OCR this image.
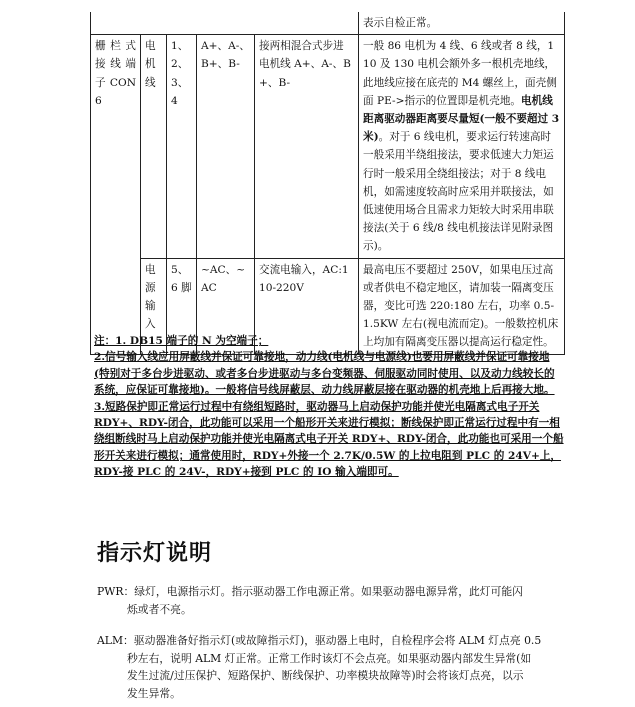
					表示自检正常。
栅栏式接线端子CON6	电机线	1、2、3、4	A+、A-、B+、B-	接两相混合式步进电机线 A+、A-、B+、B-	一般 86 电机为 4 线、6 线或者 8 线，110 及 130 电机会额外多一根机壳地线，此地线应接在底壳的 M4 螺丝上，面壳侧面 PE->指示的位置即是机壳地。电机线距离驱动器距离要尽量短(一般不要超过 3 米)。对于 6 线电机，要求运行转速高时一般采用半绕组接法，要求低速大力矩运行时一般采用全绕组接法；对于 8 线电机，如需速度较高时应采用并联接法，如低速使用场合且需求力矩较大时采用串联接法(关于 6 线/8 线电机接法详见附录图示)。
	电源输入	5、6 脚	~AC、~AC	交流电输入，AC:110-220V	最高电压不要超过 250V，如果电压过高或者供电不稳定地区，请加装一隔离变压器，变比可选 220:180 左右，功率 0.5-1.5KW 左右(视电流而定)。一般数控机床上均加有隔离变压器以提高运行稳定性。

注：1. DB15 端子的 N 为空端子；

2.信号输入线应用屏蔽线并保证可靠接地，动力线(电机线与电源线)也要用屏蔽线并保证可靠接地(特别对于多台步进驱动、或者多台步进驱动与多台变频器、伺服驱动同时使用、以及动力线较长的系统，应保证可靠接地)。一般将信号线屏蔽层、动力线屏蔽层接在驱动器的机壳地上后再接大地。

3.短路保护即正常运行过程中有绕组短路时，驱动器马上启动保护功能并使光电隔离式电子开关 RDY+、RDY-闭合，此功能可以采用一个船形开关来进行模拟；断线保护即正常运行过程中有一相绕组断线时马上启动保护功能并使光电隔离式电子开关 RDY+、RDY-闭合，此功能也可采用一个船形开关来进行模拟；通常使用时，RDY+外接一个 2.7K/0.5W 的上拉电阻到 PLC 的 24V+上，RDY-接 PLC 的 24V-，RDY+接到 PLC 的 IO 输入端即可。

指示灯说明
PWR：绿灯，电源指示灯。指示驱动器工作电源正常。如果驱动器电源异常，此灯可能闪
烁或者不亮。
ALM：驱动器准备好指示灯(或故障指示灯)，驱动器上电时，自检程序会将 ALM 灯点亮 0.5
秒左右，说明 ALM 灯正常。正常工作时该灯不会点亮。如果驱动器内部发生异常(如
发生过流/过压保护、短路保护、断线保护、功率模块故障等)时会将该灯点亮，以示
发生异常。
